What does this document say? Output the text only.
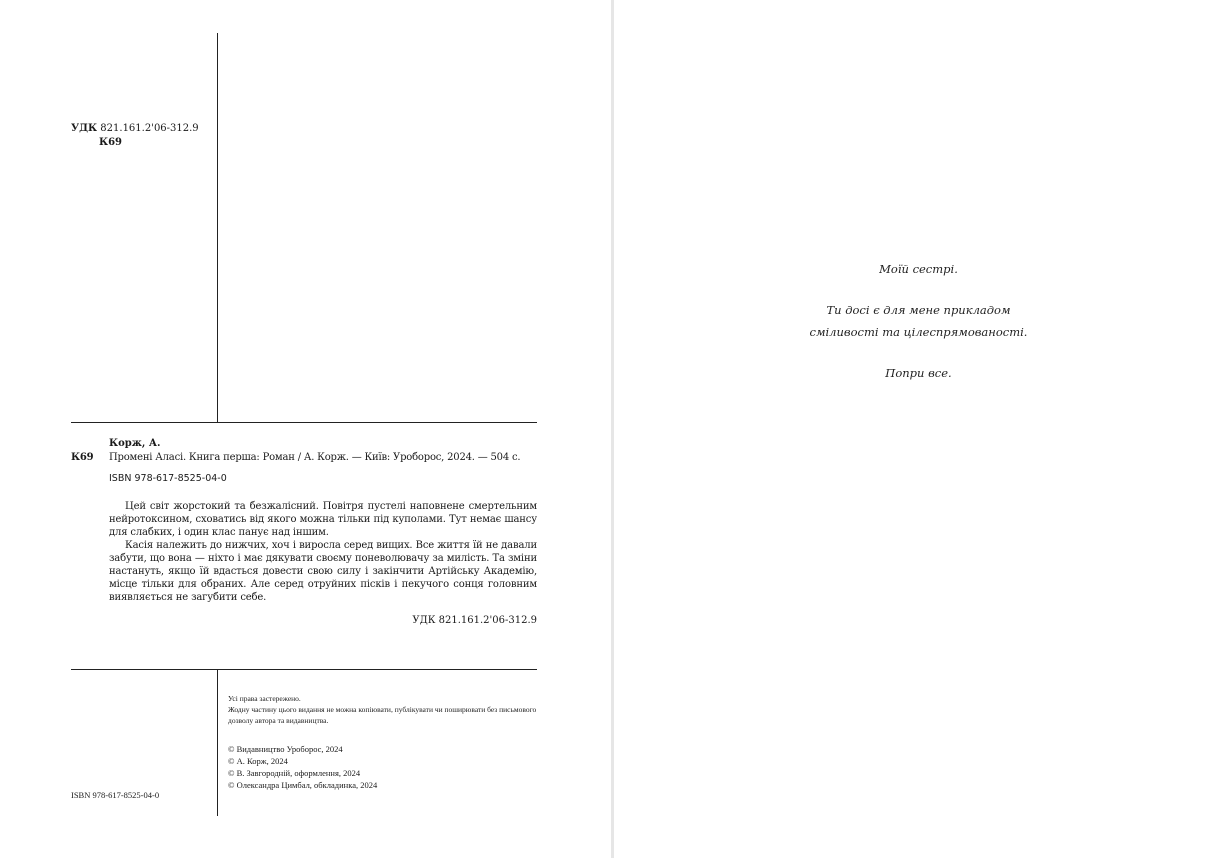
УДК 821.161.2'06-312.9
К69
Корж, А.
К69 Промені Аласі. Книга перша: Роман / А. Корж. — Київ: Уроборос, 2024. — 504 с.
ISBN 978-617-8525-04-0

Цей світ жорстокий та безжалісний. Повітря пустелі наповнене смертельним нейротоксином, сховатись від якого можна тільки під куполами. Тут немає шансу для слабких, і один клас панує над іншим.

Касія належить до нижчих, хоч і виросла серед вищих. Все життя їй не давали забути, що вона — ніхто і має дякувати своєму поневолювачу за милість. Та зміни настануть, якщо їй вдасться довести свою силу і закінчити Артійську Академію, місце тільки для обраних. Але серед отруйних пісків і пекучого сонця головним виявляється не загубити себе.

УДК 821.161.2'06-312.9
Усі права застережено.
Жодну частину цього видання не можна копіювати, публікувати чи поширювати без письмового дозволу автора та видавництва.
© Видавництво Уроборос, 2024
© А. Корж, 2024
© В. Завгородній, оформлення, 2024
© Олександра Цимбал, обкладинка, 2024
ISBN 978-617-8525-04-0
Моїй сестрі.
Ти досі є для мене прикладом
сміливості та цілеспрямованості.
Попри все.
